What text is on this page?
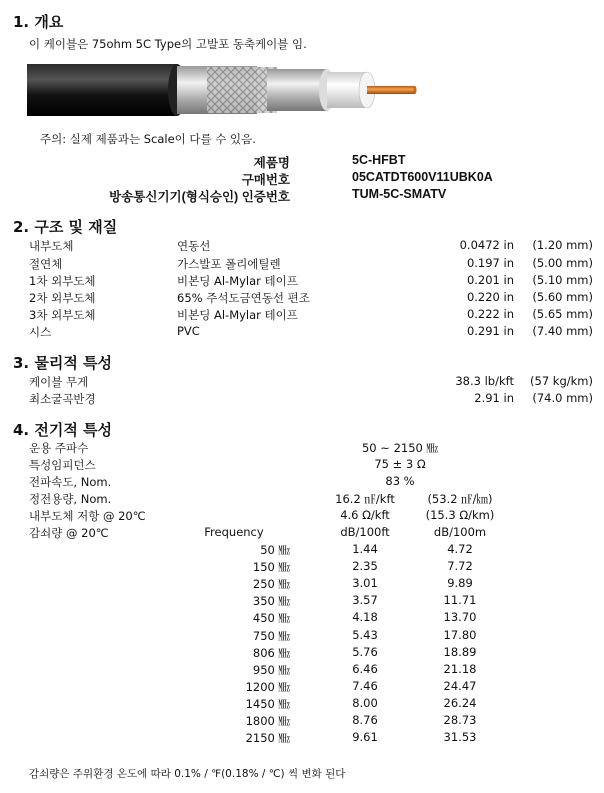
1. 개요
이 케이블은 75ohm 5C Type의 고발포 동축케이블 임.
주의: 실제 제품과는 Scale이 다를 수 있음.
제품명	5C-HFBT
구매번호	05CATDT600V11UBK0A
방송통신기기(형식승인) 인증번호	TUM-5C-SMATV
2. 구조 및 재질
내부도체	연동선	0.0472 in (1.20 mm)
절연체	가스발포 폴리에틸렌	0.197 in (5.00 mm)
1차 외부도체	비본딩 Al-Mylar 테이프	0.201 in (5.10 mm)
2차 외부도체	65% 주석도금연동선 편조	0.220 in (5.60 mm)
3차 외부도체	비본딩 Al-Mylar 테이프	0.222 in (5.65 mm)
시스	PVC	0.291 in (7.40 mm)
3. 물리적 특성
케이블 무게	38.3 lb/kft (57 kg/km)
최소굴곡반경	2.91 in (74.0 mm)
4. 전기적 특성
운용 주파수	50 ~ 2150 ㎒
특성임피던스	75 ± 3 Ω
전파속도, Nom.	83 %
정전용량, Nom.	16.2 ㎋/kft	(53.2 ㎋/㎞)
내부도체 저항 @ 20℃	4.6 Ω/kft	(15.3 Ω/km)
감쇠량 @ 20℃	Frequency	dB/100ft	dB/100m
50 ㎒	1.44	4.72
150 ㎒	2.35	7.72
250 ㎒	3.01	9.89
350 ㎒	3.57	11.71
450 ㎒	4.18	13.70
750 ㎒	5.43	17.80
806 ㎒	5.76	18.89
950 ㎒	6.46	21.18
1200 ㎒	7.46	24.47
1450 ㎒	8.00	26.24
1800 ㎒	8.76	28.73
2150 ㎒	9.61	31.53
감쇠량은 주위환경 온도에 따라 0.1% / ℉(0.18% / ℃) 씩 변화 된다
